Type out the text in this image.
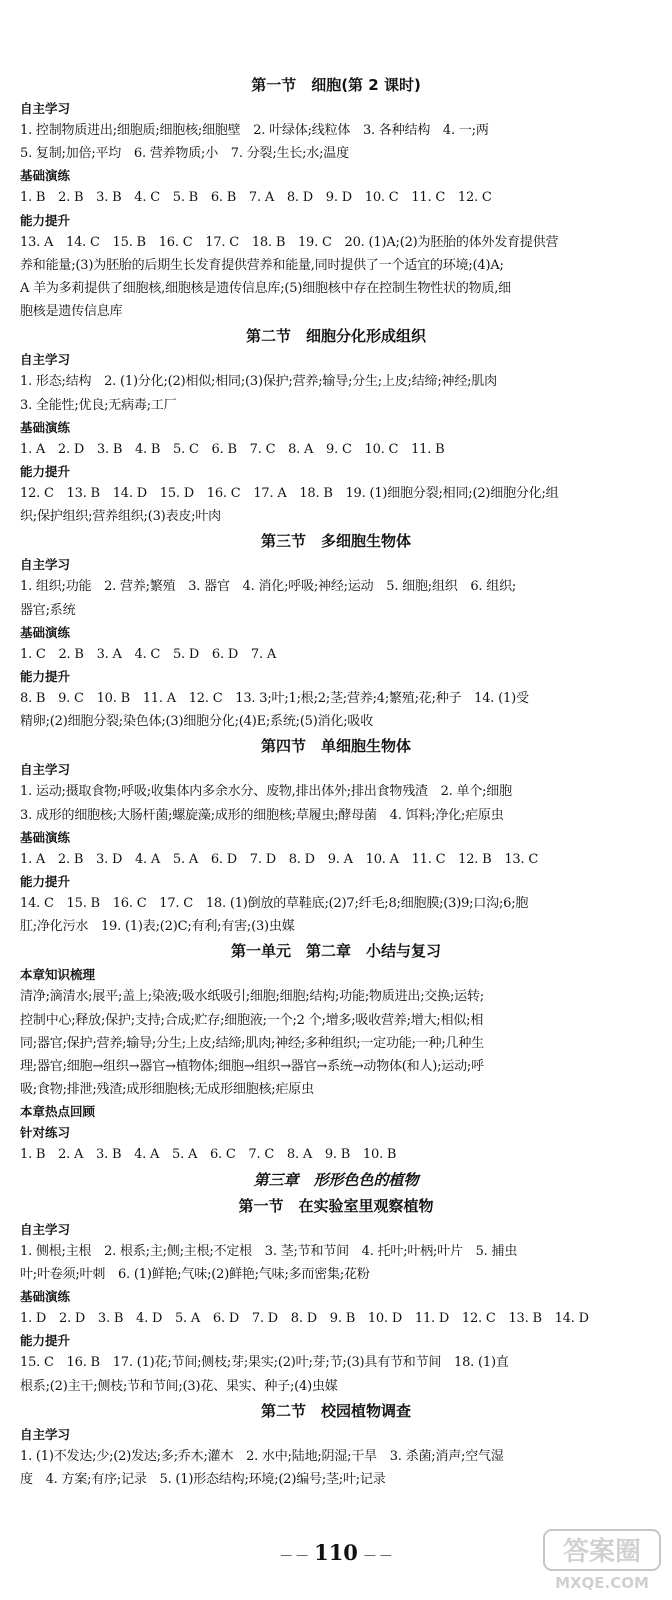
第一节　细胞(第 2 课时)
自主学习
1. 控制物质进出;细胞质;细胞核;细胞壁　2. 叶绿体;线粒体　3. 各种结构　4. 一;两
5. 复制;加倍;平均　6. 营养物质;小　7. 分裂;生长;水;温度
基础演练
1. B　2. B　3. B　4. C　5. B　6. B　7. A　8. D　9. D　10. C　11. C　12. C
能力提升
13. A　14. C　15. B　16. C　17. C　18. B　19. C　20. (1)A;(2)为胚胎的体外发育提供营
养和能量;(3)为胚胎的后期生长发育提供营养和能量,同时提供了一个适宜的环境;(4)A;
A 羊为多莉提供了细胞核,细胞核是遗传信息库;(5)细胞核中存在控制生物性状的物质,细
胞核是遗传信息库
第二节　细胞分化形成组织
自主学习
1. 形态;结构　2. (1)分化;(2)相似;相同;(3)保护;营养;输导;分生;上皮;结缔;神经;肌肉
3. 全能性;优良;无病毒;工厂
基础演练
1. A　2. D　3. B　4. B　5. C　6. B　7. C　8. A　9. C　10. C　11. B
能力提升
12. C　13. B　14. D　15. D　16. C　17. A　18. B　19. (1)细胞分裂;相同;(2)细胞分化;组
织;保护组织;营养组织;(3)表皮;叶肉
第三节　多细胞生物体
自主学习
1. 组织;功能　2. 营养;繁殖　3. 器官　4. 消化;呼吸;神经;运动　5. 细胞;组织　6. 组织;
器官;系统
基础演练
1. C　2. B　3. A　4. C　5. D　6. D　7. A
能力提升
8. B　9. C　10. B　11. A　12. C　13. 3;叶;1;根;2;茎;营养;4;繁殖;花;种子　14. (1)受
精卵;(2)细胞分裂;染色体;(3)细胞分化;(4)E;系统;(5)消化;吸收
第四节　单细胞生物体
自主学习
1. 运动;摄取食物;呼吸;收集体内多余水分、废物,排出体外;排出食物残渣　2. 单个;细胞
3. 成形的细胞核;大肠杆菌;螺旋藻;成形的细胞核;草履虫;酵母菌　4. 饵料;净化;疟原虫
基础演练
1. A　2. B　3. D　4. A　5. A　6. D　7. D　8. D　9. A　10. A　11. C　12. B　13. C
能力提升
14. C　15. B　16. C　17. C　18. (1)倒放的草鞋底;(2)7;纤毛;8;细胞膜;(3)9;口沟;6;胞
肛;净化污水　19. (1)表;(2)C;有利;有害;(3)虫媒
第一单元　第二章　小结与复习
本章知识梳理
清净;滴清水;展平;盖上;染液;吸水纸吸引;细胞;细胞;结构;功能;物质进出;交换;运转;
控制中心;释放;保护;支持;合成;贮存;细胞液;一个;2 个;增多;吸收营养;增大;相似;相
同;器官;保护;营养;输导;分生;上皮;结缔;肌肉;神经;多种组织;一定功能;一种;几种生
理;器官;细胞→组织→器官→植物体;细胞→组织→器官→系统→动物体(和人);运动;呼
吸;食物;排泄;残渣;成形细胞核;无成形细胞核;疟原虫
本章热点回顾
针对练习
1. B　2. A　3. B　4. A　5. A　6. C　7. C　8. A　9. B　10. B
第三章　形形色色的植物
第一节　在实验室里观察植物
自主学习
1. 侧根;主根　2. 根系;主;侧;主根;不定根　3. 茎;节和节间　4. 托叶;叶柄;叶片　5. 捕虫
叶;叶卷须;叶刺　6. (1)鲜艳;气味;(2)鲜艳;气味;多而密集;花粉
基础演练
1. D　2. D　3. B　4. D　5. A　6. D　7. D　8. D　9. B　10. D　11. D　12. C　13. B　14. D
能力提升
15. C　16. B　17. (1)花;节间;侧枝;芽;果实;(2)叶;芽;节;(3)具有节和节间　18. (1)直
根系;(2)主干;侧枝;节和节间;(3)花、果实、种子;(4)虫媒
第二节　校园植物调查
自主学习
1. (1)不发达;少;(2)发达;多;乔木;灌木　2. 水中;陆地;阴湿;干旱　3. 杀菌;消声;空气湿
度　4. 方案;有序;记录　5. (1)形态结构;环境;(2)编号;茎;叶;记录
— — 110 — —	答案圈
MXQE.COM
